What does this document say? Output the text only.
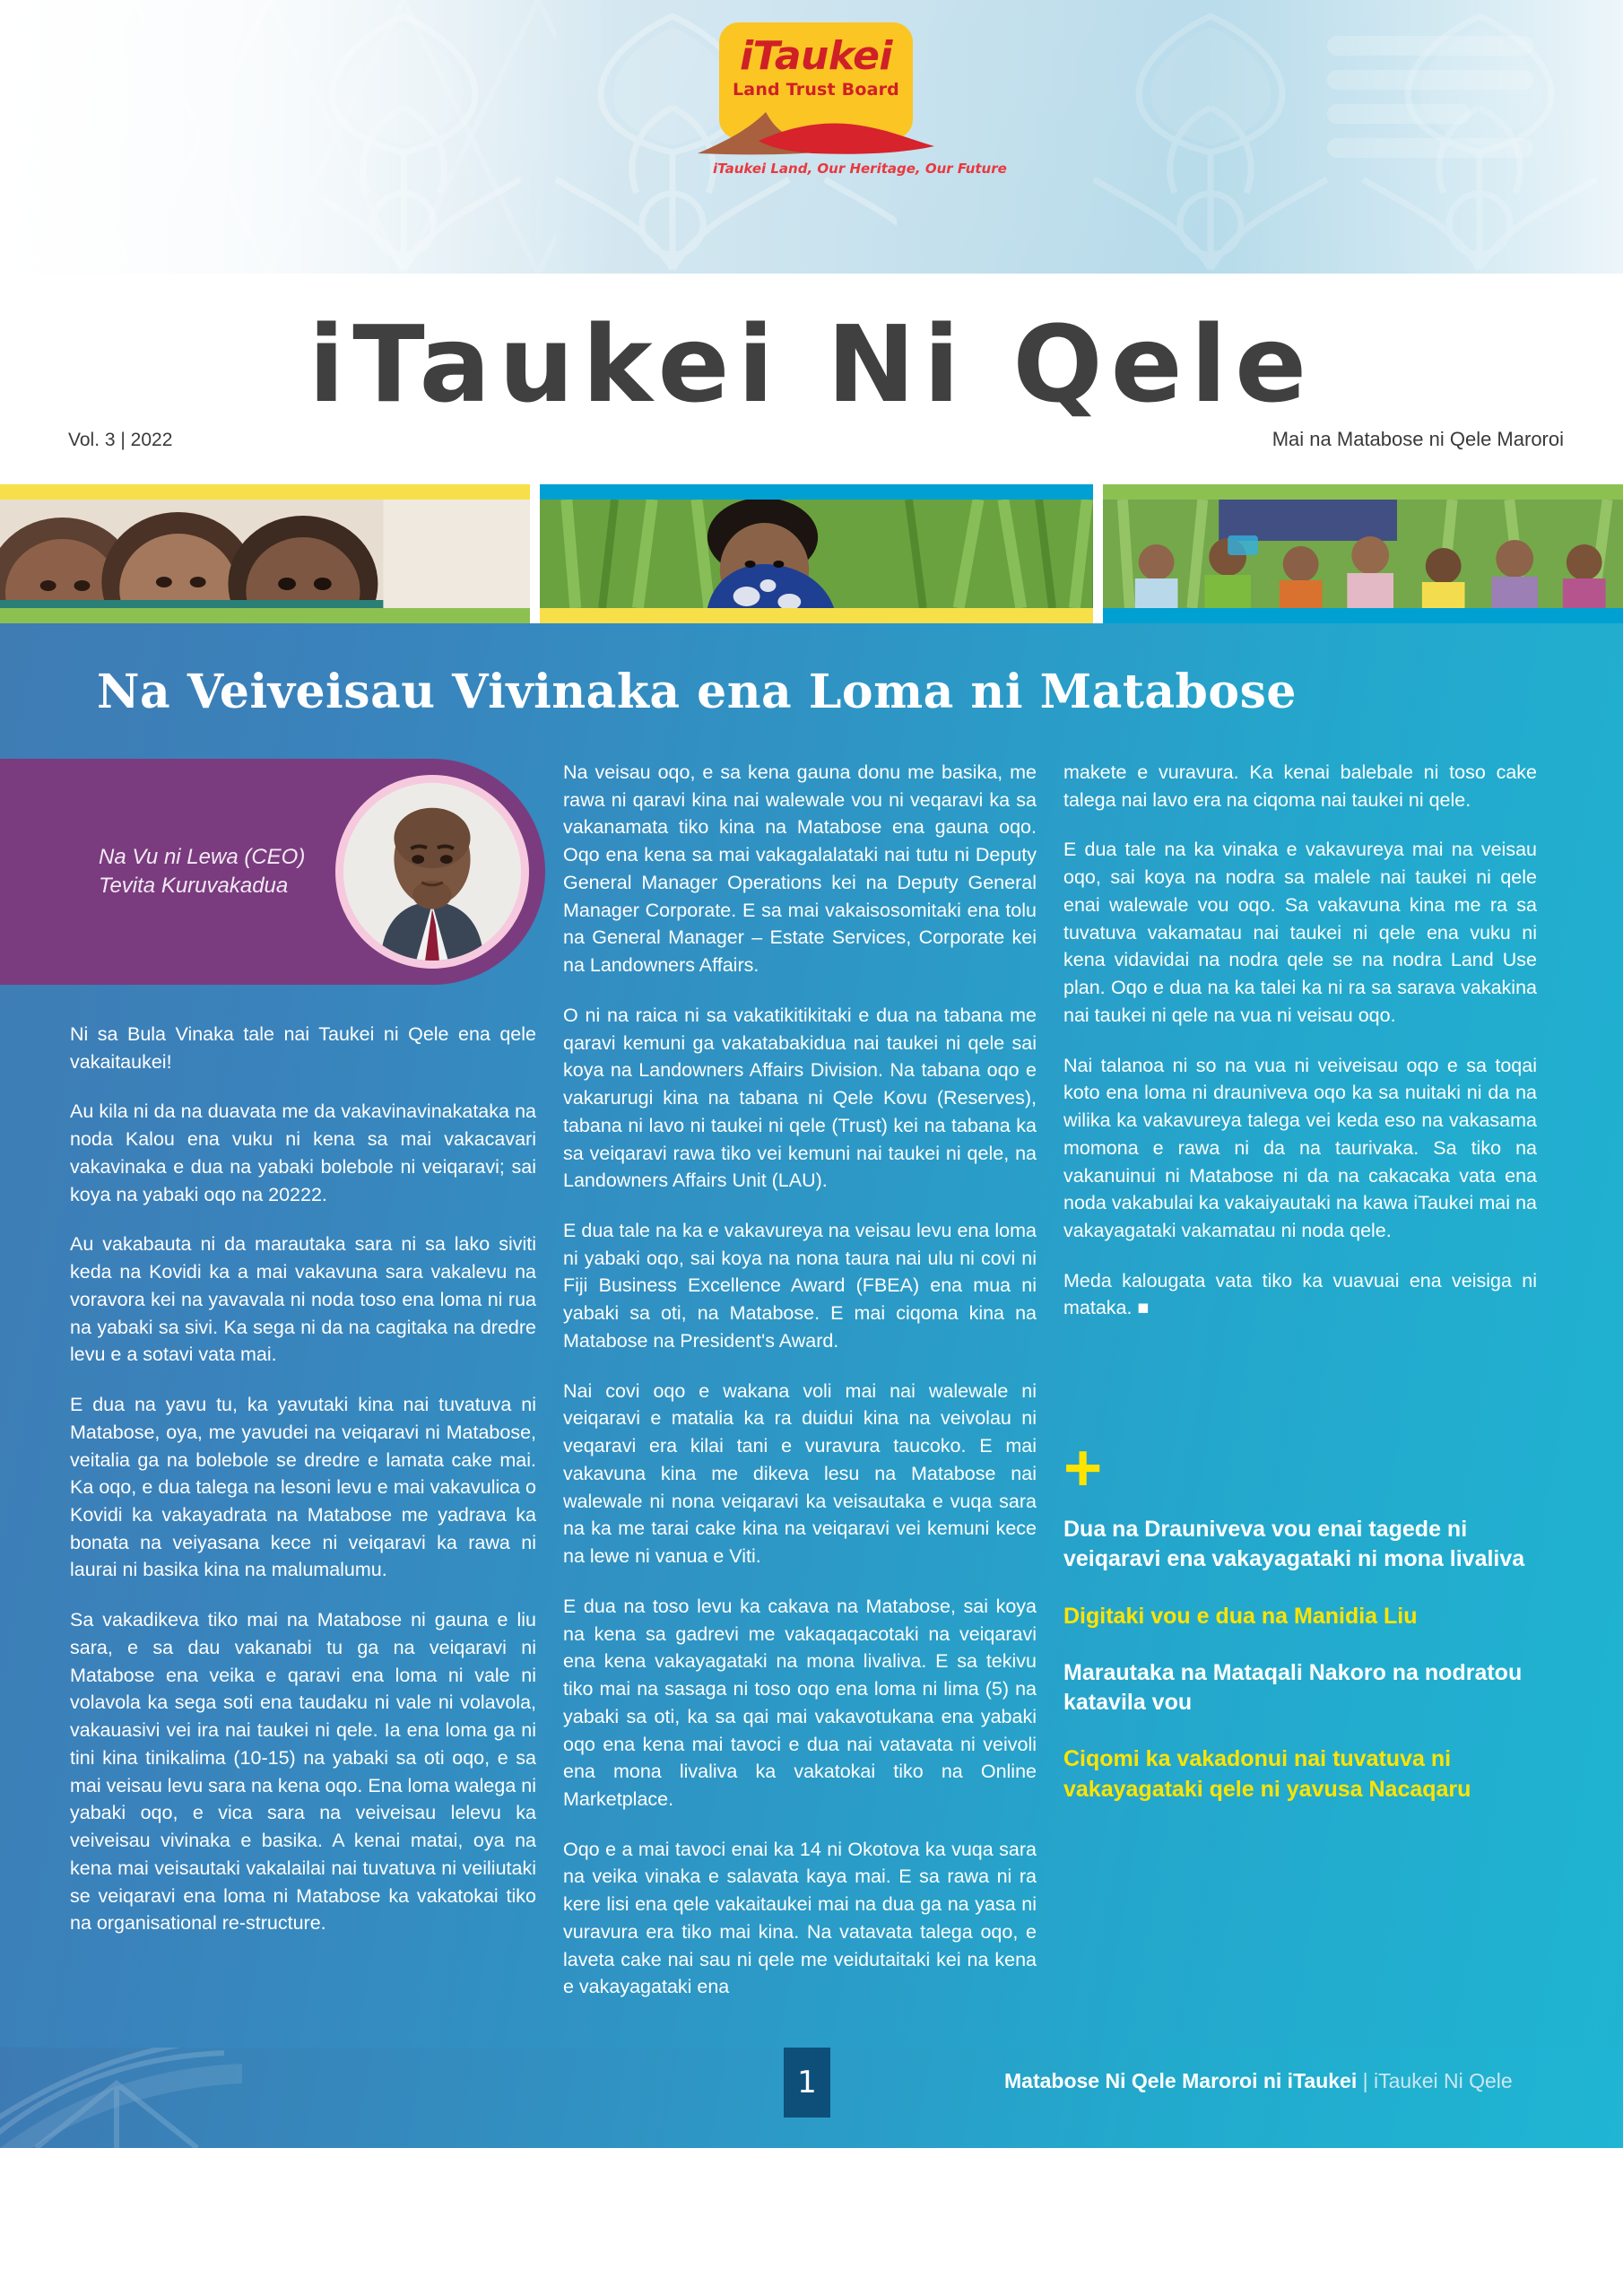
iTaukei
Land Trust Board
iTaukei Land, Our Heritage, Our Future
iTaukei Ni Qele
Vol. 3 | 2022	Mai na Matabose ni Qele Maroroi
Na Veiveisau Vivinaka ena Loma ni Matabose
Na Vu ni Lewa (CEO)
Tevita Kuruvakadua

Ni sa Bula Vinaka tale nai Taukei ni Qele ena qele vakaitaukei!

Au kila ni da na duavata me da vakavinavinakataka na noda Kalou ena vuku ni kena sa mai vakacavari vakavinaka e dua na yabaki bolebole ni veiqaravi; sai koya na yabaki oqo na 20222.

Au vakabauta ni da marautaka sara ni sa lako siviti keda na Kovidi ka a mai vakavuna sara vakalevu na voravora kei na yavavala ni noda toso ena loma ni rua na yabaki sa sivi. Ka sega ni da na cagitaka na dredre levu e a sotavi vata mai.

E dua na yavu tu, ka yavutaki kina nai tuvatuva ni Matabose, oya, me yavudei na veiqaravi ni Matabose, veitalia ga na bolebole se dredre e lamata cake mai. Ka oqo, e dua talega na lesoni levu e mai vakavulica o Kovidi ka vakayadrata na Matabose me yadrava ka bonata na veiyasana kece ni veiqaravi ka rawa ni laurai ni basika kina na malumalumu.

Sa vakadikeva tiko mai na Matabose ni gauna e liu sara, e sa dau vakanabi tu ga na veiqaravi ni Matabose ena veika e qaravi ena loma ni vale ni volavola ka sega soti ena taudaku ni vale ni volavola, vakauasivi vei ira nai taukei ni qele. Ia ena loma ga ni tini kina tinikalima (10-15) na yabaki sa oti oqo, e sa mai veisau levu sara na kena oqo. Ena loma walega ni yabaki oqo, e vica sara na veiveisau lelevu ka veiveisau vivinaka e basika. A kenai matai, oya na kena mai veisautaki vakalailai nai tuvatuva ni veiliutaki se veiqaravi ena loma ni Matabose ka vakatokai tiko na organisational re-structure.

Na veisau oqo, e sa kena gauna donu me basika, me rawa ni qaravi kina nai walewale vou ni veqaravi ka sa vakanamata tiko kina na Matabose ena gauna oqo. Oqo ena kena sa mai vakagalalataki nai tutu ni Deputy General Manager Operations kei na Deputy General Manager Corporate. E sa mai vakaisosomitaki ena tolu na General Manager – Estate Services, Corporate kei na Landowners Affairs.

O ni na raica ni sa vakatikitikitaki e dua na tabana me qaravi kemuni ga vakatabakidua nai taukei ni qele sai koya na Landowners Affairs Division. Na tabana oqo e vakarurugi kina na tabana ni Qele Kovu (Reserves), tabana ni lavo ni taukei ni qele (Trust) kei na tabana ka sa veiqaravi rawa tiko vei kemuni nai taukei ni qele, na Landowners Affairs Unit (LAU).

E dua tale na ka e vakavureya na veisau levu ena loma ni yabaki oqo, sai koya na nona taura nai ulu ni covi ni Fiji Business Excellence Award (FBEA) ena mua ni yabaki sa oti, na Matabose. E mai ciqoma kina na Matabose na President's Award.

Nai covi oqo e wakana voli mai nai walewale ni veiqaravi e matalia ka ra duidui kina na veivolau ni veqaravi era kilai tani e vuravura taucoko. E mai vakavuna kina me dikeva lesu na Matabose nai walewale ni nona veiqaravi ka veisautaka e vuqa sara na ka me tarai cake kina na veiqaravi vei kemuni kece na lewe ni vanua e Viti.

E dua na toso levu ka cakava na Matabose, sai koya na kena sa gadrevi me vakaqaqacotaki na veiqaravi ena kena vakayagataki na mona livaliva. E sa tekivu tiko mai na sasaga ni toso oqo ena loma ni lima (5) na yabaki sa oti, ka sa qai mai vakavotukana ena yabaki oqo ena kena mai tavoci e dua nai vatavata ni veivoli ena mona livaliva ka vakatokai tiko na Online Marketplace.

Oqo e a mai tavoci enai ka 14 ni Okotova ka vuqa sara na veika vinaka e salavata kaya mai. E sa rawa ni ra kere lisi ena qele vakaitaukei mai na dua ga na yasa ni vuravura era tiko mai kina. Na vatavata talega oqo, e laveta cake nai sau ni qele me veidutaitaki kei na kena e vakayagataki ena

makete e vuravura. Ka kenai balebale ni toso cake talega nai lavo era na ciqoma nai taukei ni qele.

E dua tale na ka vinaka e vakavureya mai na veisau oqo, sai koya na nodra sa malele nai taukei ni qele enai walewale vou oqo. Sa vakavuna kina me ra sa tuvatuva vakamatau nai taukei ni qele ena vuku ni kena vidavidai na nodra qele se na nodra Land Use plan. Oqo e dua na ka talei ka ni ra sa sarava vakakina nai taukei ni qele na vua ni veisau oqo.

Nai talanoa ni so na vua ni veiveisau oqo e sa toqai koto ena loma ni drauniveva oqo ka sa nuitaki ni da na wilika ka vakavureya talega vei keda eso na vakasama momona e rawa ni da na taurivaka. Sa tiko na vakanuinui ni Matabose ni da na cakacaka vata ena noda vakabulai ka vakaiyautaki na kawa iTaukei mai na vakayagataki vakamatau ni noda qele.

Meda kalougata vata tiko ka vuavuai ena veisiga ni mataka. ■

+
Dua na Drauniveva vou enai tagede ni veiqaravi ena vakayagataki ni mona livaliva
Digitaki vou e dua na Manidia Liu
Marautaka na Mataqali Nakoro na nodratou katavila vou
Ciqomi ka vakadonui nai tuvatuva ni vakayagataki qele ni yavusa Nacaqaru
1	Matabose Ni Qele Maroroi ni iTaukei | iTaukei Ni Qele
